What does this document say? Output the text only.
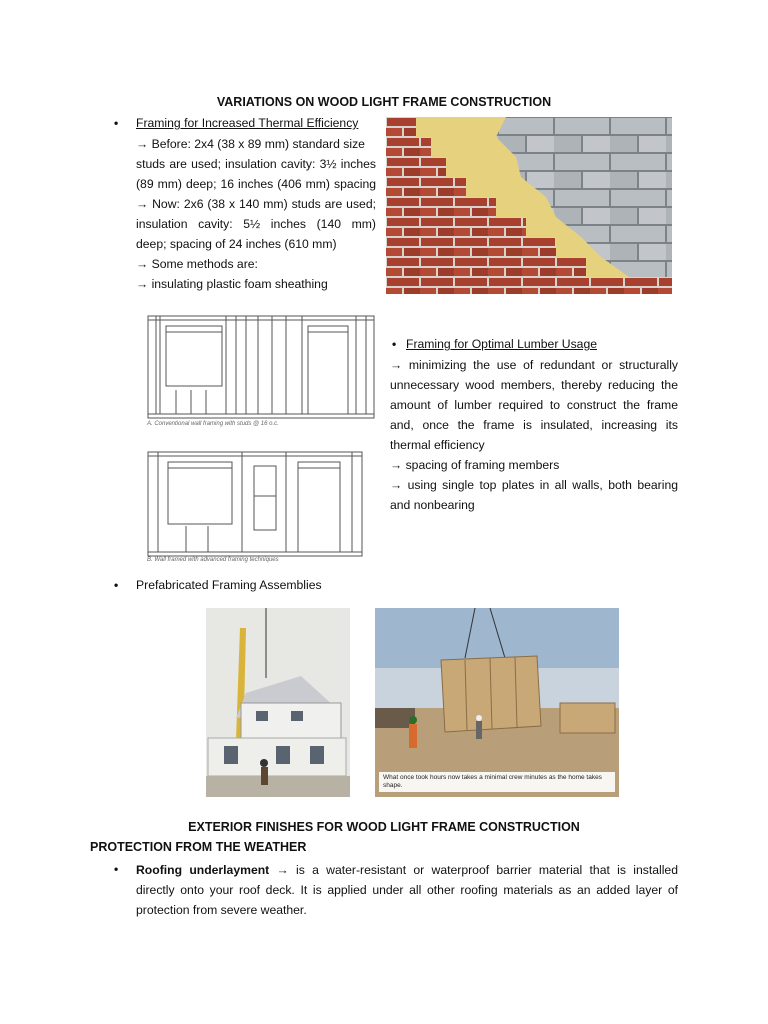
VARIATIONS ON WOOD LIGHT FRAME CONSTRUCTION
• Framing for Increased Thermal Efficiency
→ Before: 2x4 (38 x 89 mm) standard size
studs are used; insulation cavity: 3½ inches
(89 mm) deep; 16 inches (406 mm) spacing
→ Now: 2x6 (38 x 140 mm) studs are used;
insulation cavity: 5½ inches (140 mm)
deep; spacing of 24 inches (610 mm)
→ Some methods are:
→ insulating plastic foam sheathing
A. Conventional wall framing with studs @ 16 o.c.
B. Wall framed with advanced framing techniques
• Framing for Optimal Lumber Usage
→ minimizing the use of redundant or structurally
unnecessary wood members, thereby reducing the
amount of lumber required to construct the frame
and, once the frame is insulated, increasing its
thermal efficiency
→ spacing of framing members
→ using single top plates in all walls, both bearing
and nonbearing
• Prefabricated Framing Assemblies
What once took hours now takes a minimal crew minutes as the home takes shape.
EXTERIOR FINISHES FOR WOOD LIGHT FRAME CONSTRUCTION
PROTECTION FROM THE WEATHER
• Roofing underlayment → is a water-resistant or waterproof barrier material that is installed
directly onto your roof deck. It is applied under all other roofing materials as an added layer of
protection from severe weather.
